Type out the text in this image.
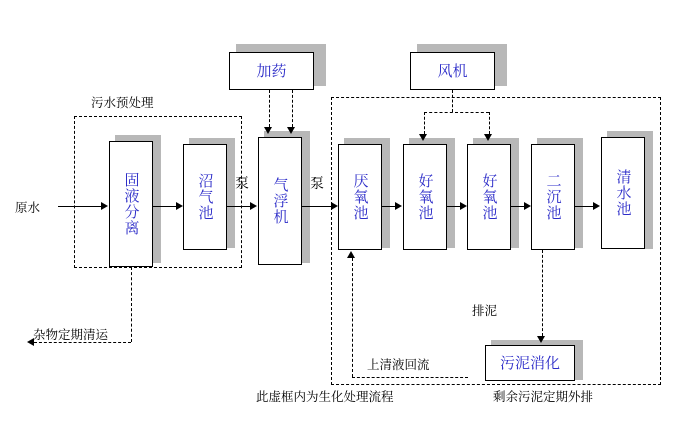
污水预处理
原水
杂物定期清运
上清液回流
此虚框内为生化处理流程
排泥
剩余污泥定期外排
加药	风机
固液分离	沼气池	气浮机	厌氧池	好氧池	好氧池	二沉池	清水池
污泥消化
泵	泵
